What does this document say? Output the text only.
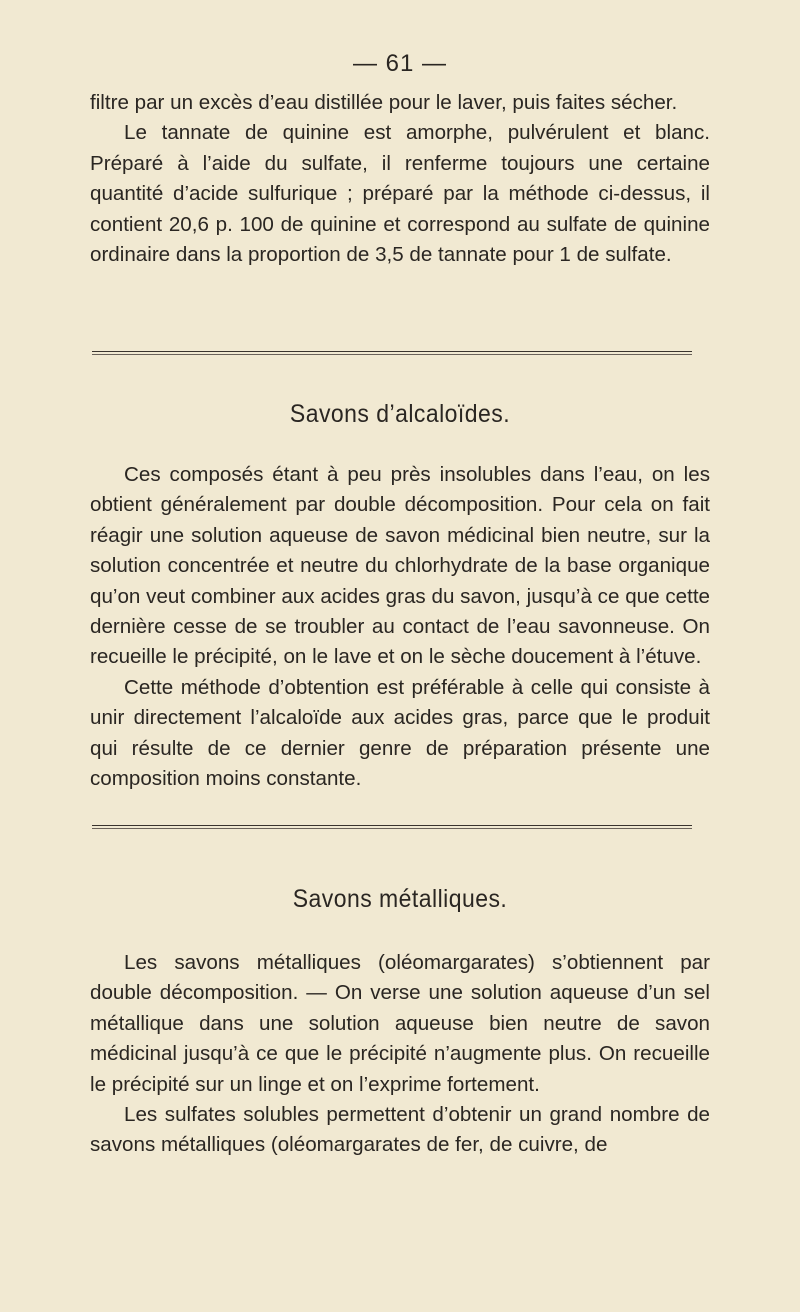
— 61 —

filtre par un excès d’eau distillée pour le laver, puis faites sécher.

Le tannate de quinine est amorphe, pulvérulent et blanc. Préparé à l’aide du sulfate, il renferme toujours une certaine quantité d’acide sulfurique ; préparé par la méthode ci-dessus, il contient 20,6 p. 100 de quinine et correspond au sulfate de quinine ordinaire dans la proportion de 3,5 de tannate pour 1 de sulfate.

Savons d’alcaloïdes.

Ces composés étant à peu près insolubles dans l’eau, on les obtient généralement par double décomposition. Pour cela on fait réagir une solution aqueuse de savon médicinal bien neutre, sur la solution concentrée et neutre du chlorhydrate de la base organique qu’on veut combiner aux acides gras du savon, jusqu’à ce que cette dernière cesse de se troubler au contact de l’eau savonneuse. On recueille le précipité, on le lave et on le sèche doucement à l’étuve.

Cette méthode d’obtention est préférable à celle qui consiste à unir directement l’alcaloïde aux acides gras, parce que le produit qui résulte de ce dernier genre de préparation présente une composition moins constante.

Savons métalliques.

Les savons métalliques (oléomargarates) s’obtiennent par double décomposition. — On verse une solution aqueuse d’un sel métallique dans une solution aqueuse bien neutre de savon médicinal jusqu’à ce que le précipité n’augmente plus. On recueille le précipité sur un linge et on l’exprime fortement.

Les sulfates solubles permettent d’obtenir un grand nombre de savons métalliques (oléomargarates de fer, de cuivre, de
